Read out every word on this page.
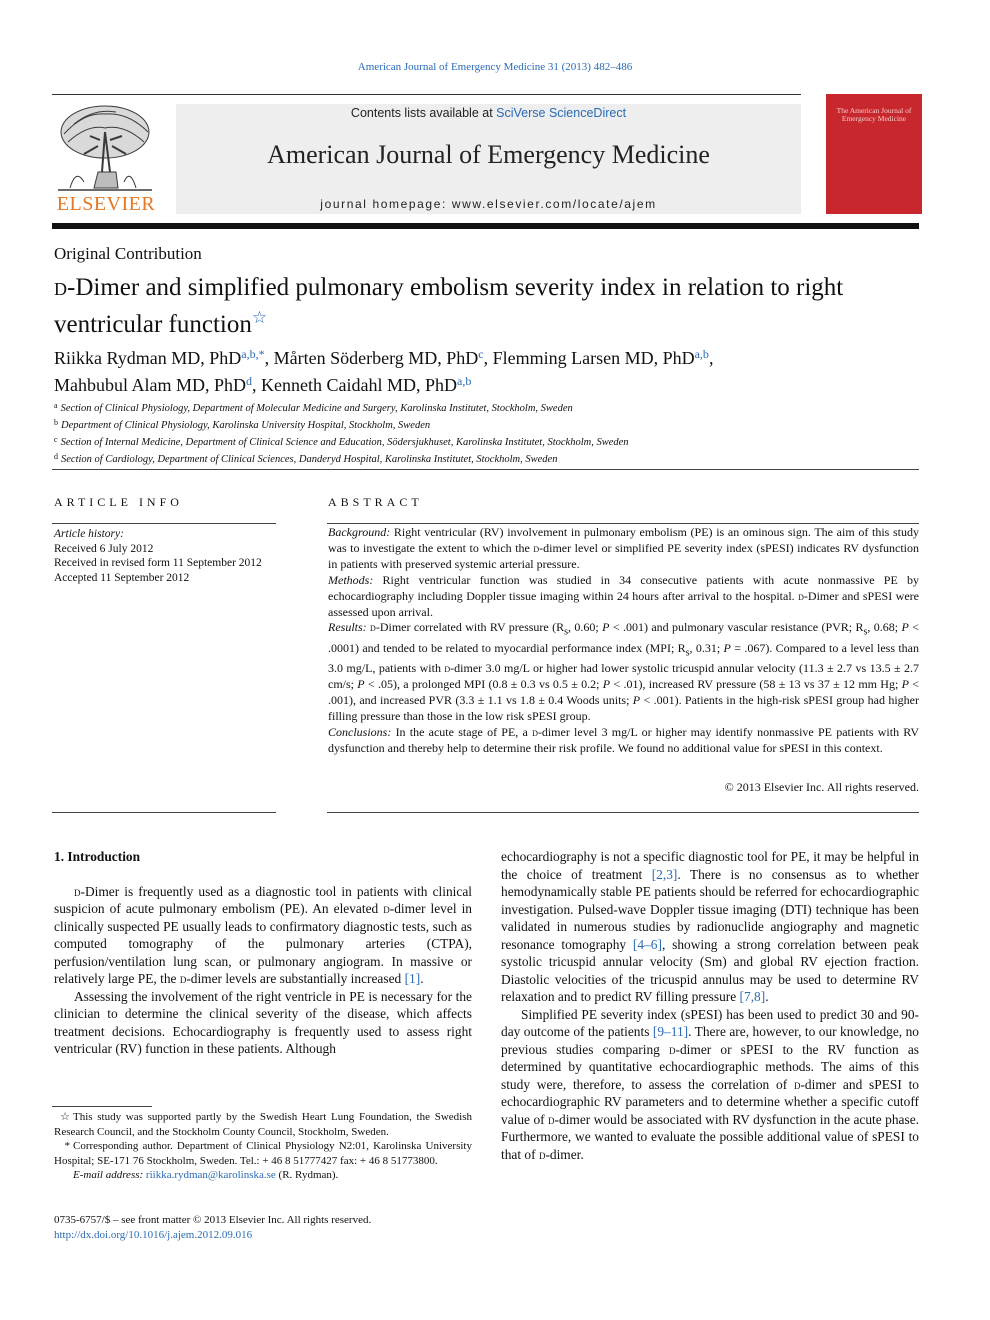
American Journal of Emergency Medicine 31 (2013) 482–486
ELSEVIER
Contents lists available at SciVerse ScienceDirect
American Journal of Emergency Medicine
journal homepage: www.elsevier.com/locate/ajem
The American Journal of Emergency Medicine
Original Contribution
d-Dimer and simplified pulmonary embolism severity index in relation to right ventricular function☆
Riikka Rydman MD, PhD$^{a,b,*}$, Mårten Söderberg MD, PhD$^c$, Flemming Larsen MD, PhD$^{a,b}$,
Mahbubul Alam MD, PhD$^d$, Kenneth Caidahl MD, PhD$^{a,b}$
$^a$ Section of Clinical Physiology, Department of Molecular Medicine and Surgery, Karolinska Institutet, Stockholm, Sweden
$^b$ Department of Clinical Physiology, Karolinska University Hospital, Stockholm, Sweden
$^c$ Section of Internal Medicine, Department of Clinical Science and Education, Södersjukhuset, Karolinska Institutet, Stockholm, Sweden
$^d$ Section of Cardiology, Department of Clinical Sciences, Danderyd Hospital, Karolinska Institutet, Stockholm, Sweden
ARTICLE INFO	ABSTRACT
Article history:
Received 6 July 2012
Received in revised form 11 September 2012
Accepted 11 September 2012

Background: Right ventricular (RV) involvement in pulmonary embolism (PE) is an ominous sign. The aim of this study was to investigate the extent to which the d-dimer level or simplified PE severity index (sPESI) indicates RV dysfunction in patients with preserved systemic arterial pressure.

Methods: Right ventricular function was studied in 34 consecutive patients with acute nonmassive PE by echocardiography including Doppler tissue imaging within 24 hours after arrival to the hospital. d-Dimer and sPESI were assessed upon arrival.

Results: d-Dimer correlated with RV pressure ($R_s$, 0.60; P < .001) and pulmonary vascular resistance (PVR; $R_s$, 0.68; P < .0001) and tended to be related to myocardial performance index (MPI; $R_s$, 0.31; P = .067). Compared to a level less than 3.0 mg/L, patients with d-dimer 3.0 mg/L or higher had lower systolic tricuspid annular velocity (11.3 ± 2.7 vs 13.5 ± 2.7 cm/s; P < .05), a prolonged MPI (0.8 ± 0.3 vs 0.5 ± 0.2; P < .01), increased RV pressure (58 ± 13 vs 37 ± 12 mm Hg; P < .001), and increased PVR (3.3 ± 1.1 vs 1.8 ± 0.4 Woods units; P < .001). Patients in the high-risk sPESI group had higher filling pressure than those in the low risk sPESI group.

Conclusions: In the acute stage of PE, a d-dimer level 3 mg/L or higher may identify nonmassive PE patients with RV dysfunction and thereby help to determine their risk profile. We found no additional value for sPESI in this context.

© 2013 Elsevier Inc. All rights reserved.

1. Introduction

d-Dimer is frequently used as a diagnostic tool in patients with clinical suspicion of acute pulmonary embolism (PE). An elevated d-dimer level in clinically suspected PE usually leads to confirmatory diagnostic tests, such as computed tomography of the pulmonary arteries (CTPA), perfusion/ventilation lung scan, or pulmonary angiogram. In massive or relatively large PE, the d-dimer levels are substantially increased [1].

Assessing the involvement of the right ventricle in PE is necessary for the clinician to determine the clinical severity of the disease, which affects treatment decisions. Echocardiography is frequently used to assess right ventricular (RV) function in these patients. Although

echocardiography is not a specific diagnostic tool for PE, it may be helpful in the choice of treatment [2,3]. There is no consensus as to whether hemodynamically stable PE patients should be referred for echocardiographic investigation. Pulsed-wave Doppler tissue imaging (DTI) technique has been validated in numerous studies by radionuclide angiography and magnetic resonance tomography [4–6], showing a strong correlation between peak systolic tricuspid annular velocity (Sm) and global RV ejection fraction. Diastolic velocities of the tricuspid annulus may be used to determine RV relaxation and to predict RV filling pressure [7,8].

Simplified PE severity index (sPESI) has been used to predict 30 and 90-day outcome of the patients [9–11]. There are, however, to our knowledge, no previous studies comparing d-dimer or sPESI to the RV function as determined by quantitative echocardiographic methods. The aims of this study were, therefore, to assess the correlation of d-dimer and sPESI to echocardiographic RV parameters and to determine whether a specific cutoff value of d-dimer would be associated with RV dysfunction in the acute phase. Furthermore, we wanted to evaluate the possible additional value of sPESI to that of d-dimer.

☆ This study was supported partly by the Swedish Heart Lung Foundation, the Swedish Research Council, and the Stockholm County Council, Stockholm, Sweden.

* Corresponding author. Department of Clinical Physiology N2:01, Karolinska University Hospital; SE-171 76 Stockholm, Sweden. Tel.: + 46 8 51777427 fax: + 46 8 51773800.

E-mail address: riikka.rydman@karolinska.se (R. Rydman).

0735-6757/$ – see front matter © 2013 Elsevier Inc. All rights reserved.

http://dx.doi.org/10.1016/j.ajem.2012.09.016
